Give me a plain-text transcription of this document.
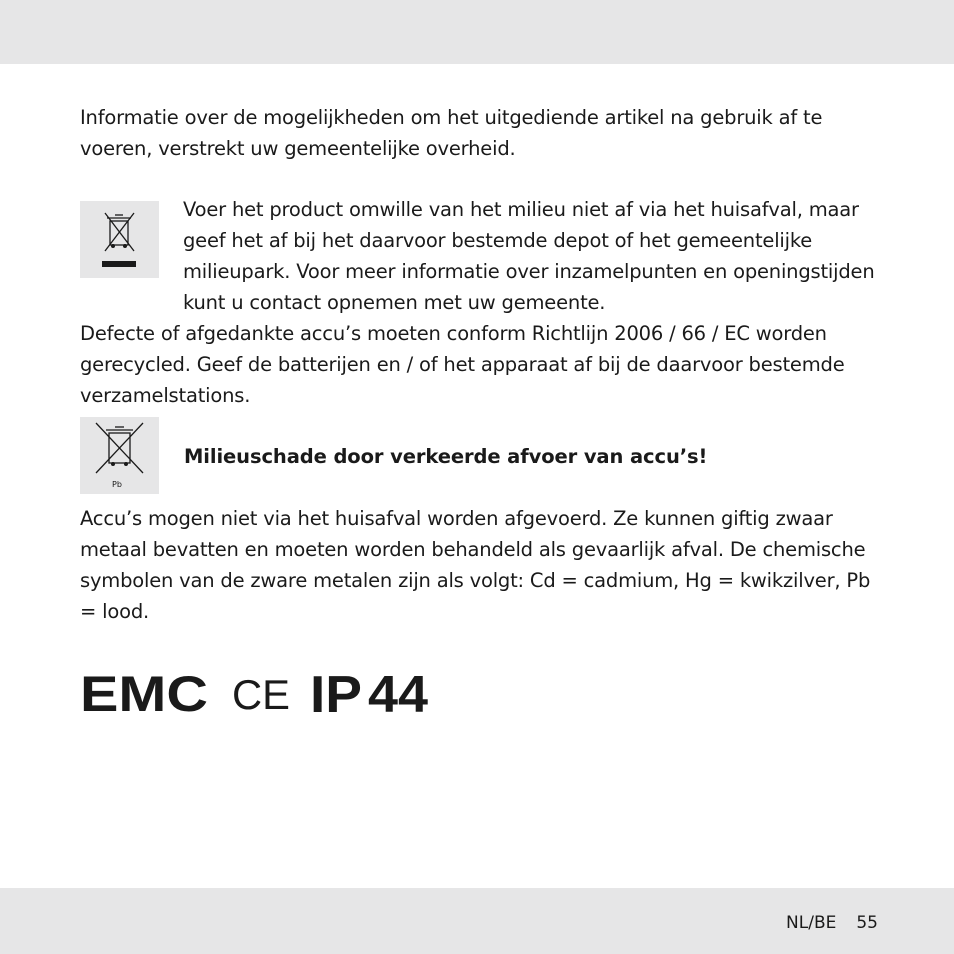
Informatie over de mogelijkheden om het uitgediende artikel na gebruik af te voeren, verstrekt uw gemeentelijke overheid.

Voer het product omwille van het milieu niet af via het huisafval, maar geef het af bij het daarvoor bestemde depot of het gemeentelijke milieupark. Voor meer informatie over inzamelpunten en openingstijden kunt u contact opnemen met uw gemeente.

Defecte of afgedankte accu’s moeten conform Richtlijn 2006 / 66 / EC worden gerecycled. Geef de batterijen en / of het apparaat af bij de daarvoor bestemde verzamelstations.

Pb

Milieuschade door verkeerde afvoer van accu’s!

Accu’s mogen niet via het huisafval worden afgevoerd. Ze kunnen giftig zwaar metaal bevatten en moeten worden behandeld als gevaarlijk afval. De chemische symbolen van de zware metalen zijn als volgt: Cd = cadmium, Hg = kwikzilver, Pb = lood.

EMC CE IP 44
NL/BE 55
